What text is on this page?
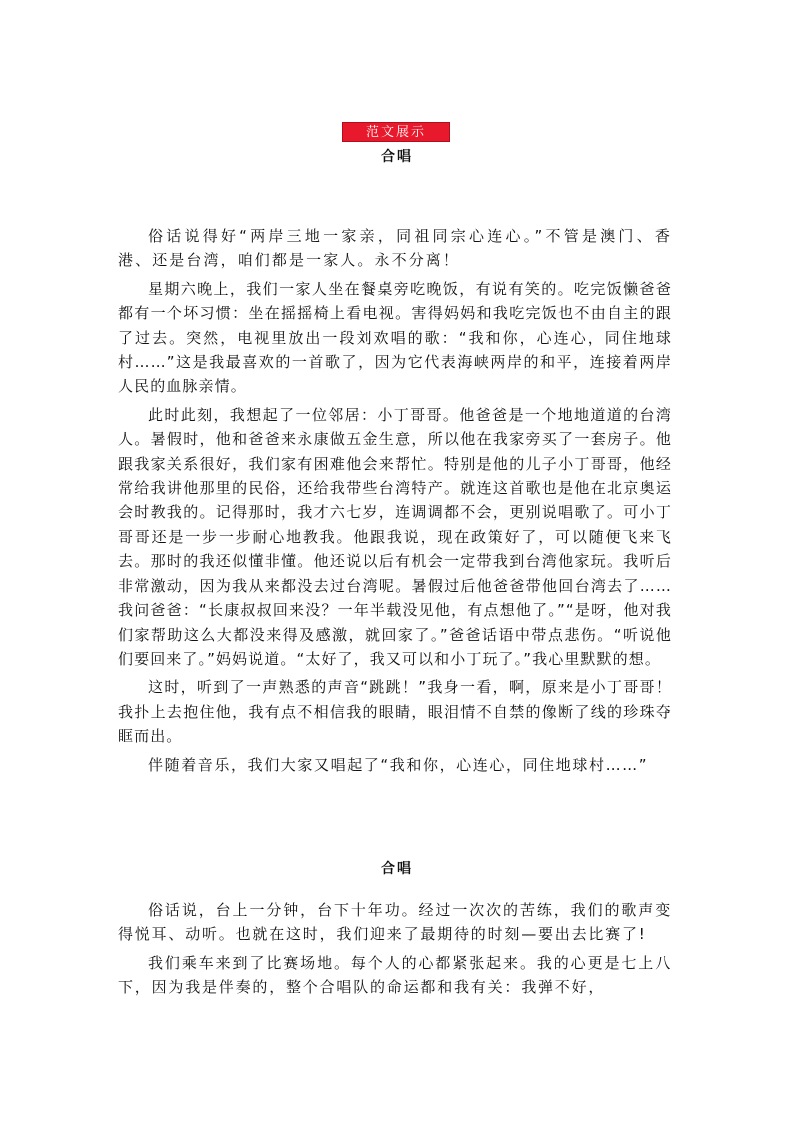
范文展示
合唱

俗话说得好“两岸三地一家亲，同祖同宗心连心。”不管是澳门、香港、还是台湾，咱们都是一家人。永不分离！

星期六晚上，我们一家人坐在餐桌旁吃晚饭，有说有笑的。吃完饭懒爸爸都有一个坏习惯：坐在摇摇椅上看电视。害得妈妈和我吃完饭也不由自主的跟了过去。突然，电视里放出一段刘欢唱的歌：“我和你，心连心，同住地球村……”这是我最喜欢的一首歌了，因为它代表海峡两岸的和平，连接着两岸人民的血脉亲情。

此时此刻，我想起了一位邻居：小丁哥哥。他爸爸是一个地地道道的台湾人。暑假时，他和爸爸来永康做五金生意，所以他在我家旁买了一套房子。他跟我家关系很好，我们家有困难他会来帮忙。特别是他的儿子小丁哥哥，他经常给我讲他那里的民俗，还给我带些台湾特产。就连这首歌也是他在北京奥运会时教我的。记得那时，我才六七岁，连调调都不会，更别说唱歌了。可小丁哥哥还是一步一步耐心地教我。他跟我说，现在政策好了，可以随便飞来飞去。那时的我还似懂非懂。他还说以后有机会一定带我到台湾他家玩。我听后非常激动，因为我从来都没去过台湾呢。暑假过后他爸爸带他回台湾去了……我问爸爸：“长康叔叔回来没？一年半载没见他，有点想他了。”“是呀，他对我们家帮助这么大都没来得及感激，就回家了。”爸爸话语中带点悲伤。“听说他们要回来了。”妈妈说道。“太好了，我又可以和小丁玩了。”我心里默默的想。

这时，听到了一声熟悉的声音“跳跳！”我身一看，啊，原来是小丁哥哥！我扑上去抱住他，我有点不相信我的眼睛，眼泪情不自禁的像断了线的珍珠夺眶而出。

伴随着音乐，我们大家又唱起了“我和你，心连心，同住地球村……”

合唱

俗话说，台上一分钟，台下十年功。经过一次次的苦练，我们的歌声变得悦耳、动听。也就在这时，我们迎来了最期待的时刻—要出去比赛了!

我们乘车来到了比赛场地。每个人的心都紧张起来。我的心更是七上八下，因为我是伴奏的，整个合唱队的命运都和我有关：我弹不好，
